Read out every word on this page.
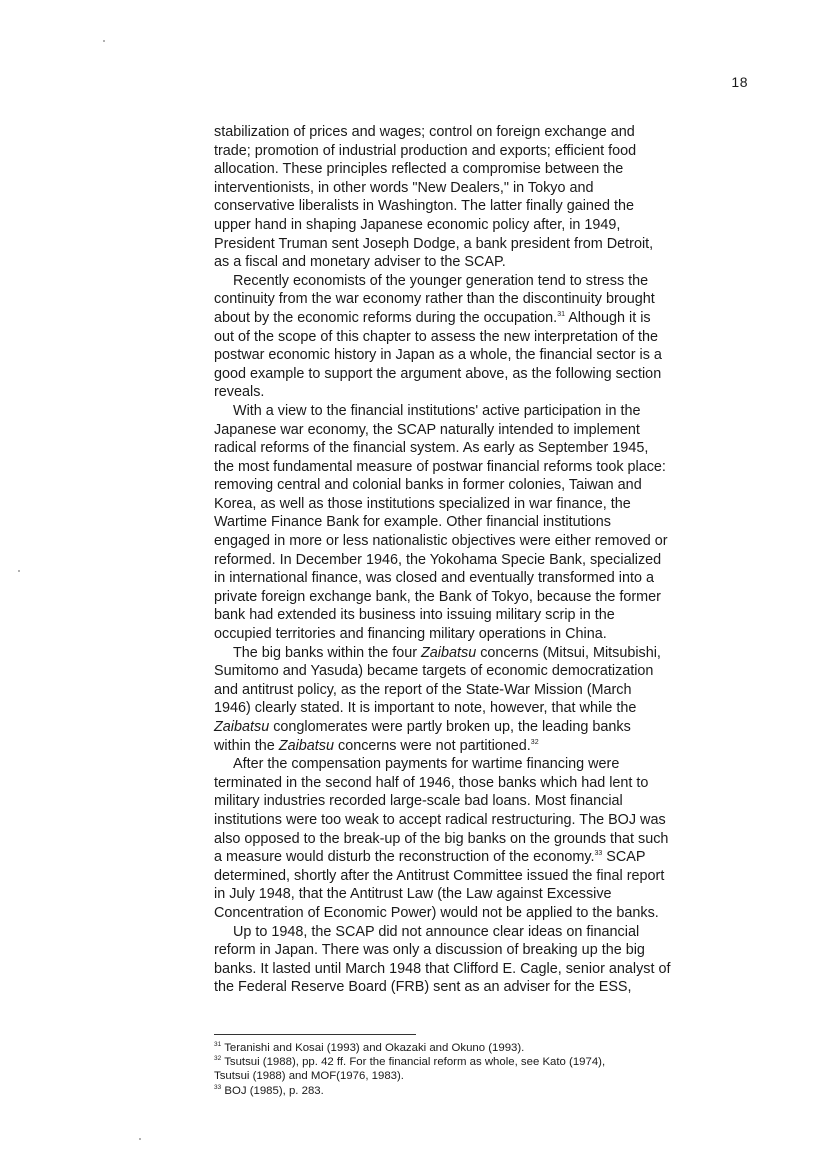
18
stabilization of prices and wages; control on foreign exchange and
trade; promotion of industrial production and exports; efficient food
allocation. These principles reflected a compromise between the
interventionists, in other words "New Dealers," in Tokyo and
conservative liberalists in Washington. The latter finally gained the
upper hand in shaping Japanese economic policy after, in 1949,
President Truman sent Joseph Dodge, a bank president from Detroit,
as a fiscal and monetary adviser to the SCAP.
Recently economists of the younger generation tend to stress the
continuity from the war economy rather than the discontinuity brought
about by the economic reforms during the occupation.$^{31}$ Although it is
out of the scope of this chapter to assess the new interpretation of the
postwar economic history in Japan as a whole, the financial sector is a
good example to support the argument above, as the following section
reveals.
With a view to the financial institutions' active participation in the
Japanese war economy, the SCAP naturally intended to implement
radical reforms of the financial system. As early as September 1945,
the most fundamental measure of postwar financial reforms took place:
removing central and colonial banks in former colonies, Taiwan and
Korea, as well as those institutions specialized in war finance, the
Wartime Finance Bank for example. Other financial institutions
engaged in more or less nationalistic objectives were either removed or
reformed. In December 1946, the Yokohama Specie Bank, specialized
in international finance, was closed and eventually transformed into a
private foreign exchange bank, the Bank of Tokyo, because the former
bank had extended its business into issuing military scrip in the
occupied territories and financing military operations in China.
The big banks within the four Zaibatsu concerns (Mitsui, Mitsubishi,
Sumitomo and Yasuda) became targets of economic democratization
and antitrust policy, as the report of the State-War Mission (March
1946) clearly stated. It is important to note, however, that while the
Zaibatsu conglomerates were partly broken up, the leading banks
within the Zaibatsu concerns were not partitioned.$^{32}$
After the compensation payments for wartime financing were
terminated in the second half of 1946, those banks which had lent to
military industries recorded large-scale bad loans. Most financial
institutions were too weak to accept radical restructuring. The BOJ was
also opposed to the break-up of the big banks on the grounds that such
a measure would disturb the reconstruction of the economy.$^{33}$ SCAP
determined, shortly after the Antitrust Committee issued the final report
in July 1948, that the Antitrust Law (the Law against Excessive
Concentration of Economic Power) would not be applied to the banks.
Up to 1948, the SCAP did not announce clear ideas on financial
reform in Japan. There was only a discussion of breaking up the big
banks. It lasted until March 1948 that Clifford E. Cagle, senior analyst of
the Federal Reserve Board (FRB) sent as an adviser for the ESS,
$^{31}$ Teranishi and Kosai (1993) and Okazaki and Okuno (1993).
$^{32}$ Tsutsui (1988), pp. 42 ff. For the financial reform as whole, see Kato (1974),
Tsutsui (1988) and MOF(1976, 1983).
$^{33}$ BOJ (1985), p. 283.
